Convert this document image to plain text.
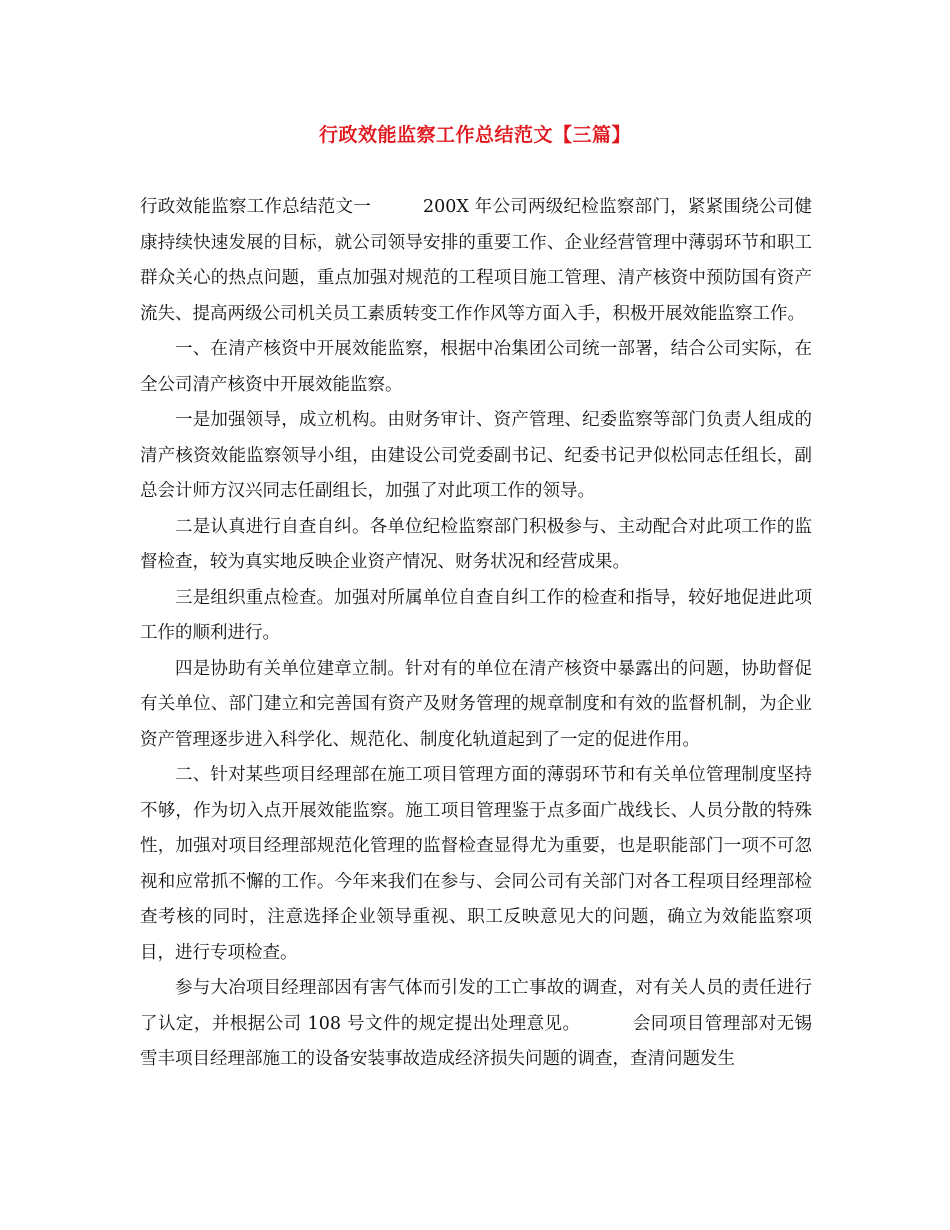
行政效能监察工作总结范文【三篇】

行政效能监察工作总结范文一	200X 年公司两级纪检监察部门，紧紧围绕公司健康持续快速发展的目标，就公司领导安排的重要工作、企业经营管理中薄弱环节和职工群众关心的热点问题，重点加强对规范的工程项目施工管理、清产核资中预防国有资产流失、提高两级公司机关员工素质转变工作作风等方面入手，积极开展效能监察工作。

一、在清产核资中开展效能监察，根据中冶集团公司统一部署，结合公司实际，在全公司清产核资中开展效能监察。

一是加强领导，成立机构。由财务审计、资产管理、纪委监察等部门负责人组成的清产核资效能监察领导小组，由建设公司党委副书记、纪委书记尹似松同志任组长，副总会计师方汉兴同志任副组长，加强了对此项工作的领导。

二是认真进行自查自纠。各单位纪检监察部门积极参与、主动配合对此项工作的监督检查，较为真实地反映企业资产情况、财务状况和经营成果。

三是组织重点检查。加强对所属单位自查自纠工作的检查和指导，较好地促进此项工作的顺利进行。

四是协助有关单位建章立制。针对有的单位在清产核资中暴露出的问题，协助督促有关单位、部门建立和完善国有资产及财务管理的规章制度和有效的监督机制，为企业资产管理逐步进入科学化、规范化、制度化轨道起到了一定的促进作用。

二、针对某些项目经理部在施工项目管理方面的薄弱环节和有关单位管理制度坚持不够，作为切入点开展效能监察。施工项目管理鉴于点多面广战线长、人员分散的特殊性，加强对项目经理部规范化管理的监督检查显得尤为重要，也是职能部门一项不可忽视和应常抓不懈的工作。今年来我们在参与、会同公司有关部门对各工程项目经理部检查考核的同时，注意选择企业领导重视、职工反映意见大的问题，确立为效能监察项目，进行专项检查。

参与大冶项目经理部因有害气体而引发的工亡事故的调查，对有关人员的责任进行了认定，并根据公司 108 号文件的规定提出处理意见。	会同项目管理部对无锡雪丰项目经理部施工的设备安装事故造成经济损失问题的调查，查清问题发生
